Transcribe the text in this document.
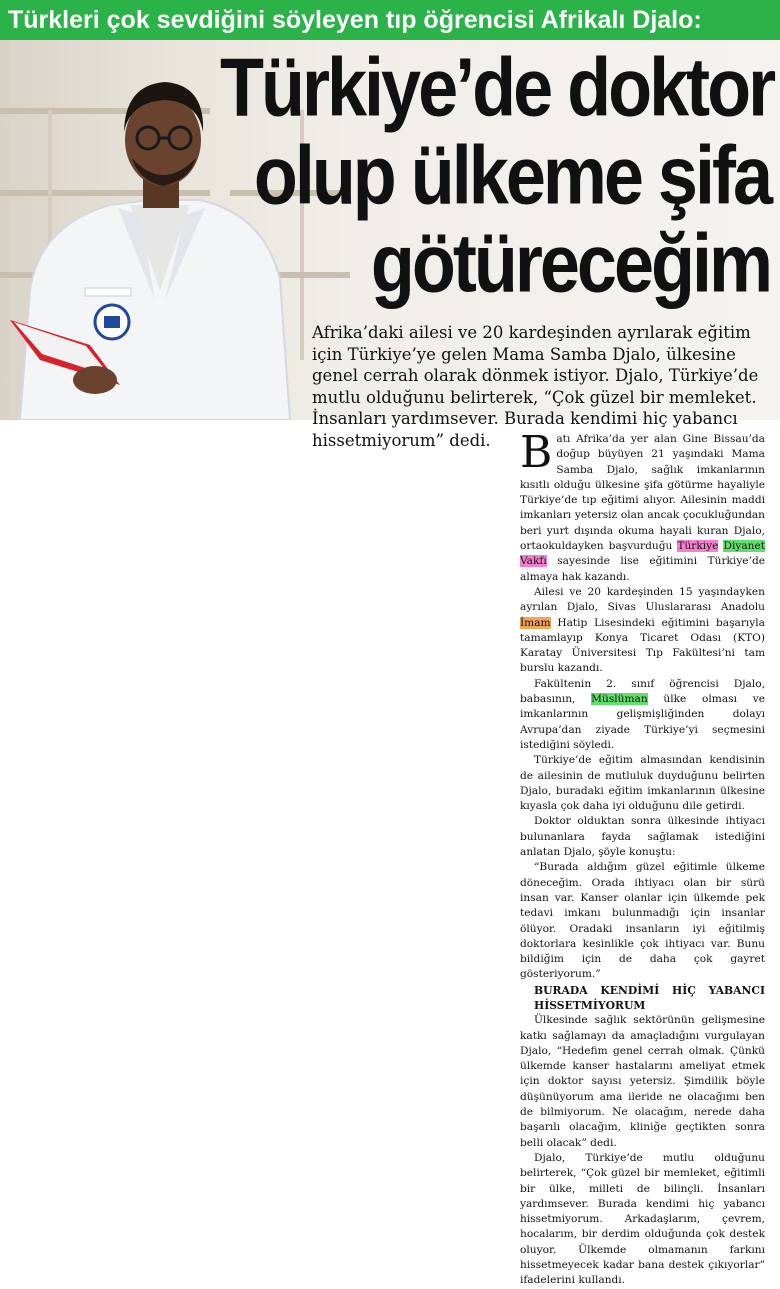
Türkleri çok sevdiğini söyleyen tıp öğrencisi Afrikalı Djalo:
Türkiye’de doktor
olup ülkeme şifa
götüreceğim
Afrika’daki ailesi ve 20 kardeşinden ayrılarak eğitim için Türkiye’ye gelen Mama Samba Djalo, ülkesine genel cerrah olarak dönmek istiyor. Djalo, Türkiye’de mutlu olduğunu belirterek, “Çok güzel bir memleket. İnsanları yardımsever. Burada kendimi hiç yabancı hissetmiyorum” dedi. Batı Afrika’da yer alan Gine Bissau’da doğup büyüyen 21 yaşındaki Mama Samba Djalo, sağlık imkanlarının kısıtlı olduğu ülkesine şifa götürme hayaliyle Türkiye’de tıp eğitimi alıyor. Ailesinin maddi imkanları yetersiz olan ancak çocukluğundan beri yurt dışında okuma hayali kuran Djalo, ortaokuldayken başvurduğu Türkiye Diyanet Vakfı sayesinde lise eğitimini Türkiye’de almaya hak kazandı.

Ailesi ve 20 kardeşinden 15 yaşındayken ayrılan Djalo, Sivas Uluslararası Anadolu İmam Hatip Lisesindeki eğitimini başarıyla tamamlayıp Konya Ticaret Odası (KTO) Karatay Üniversitesi Tıp Fakültesi’ni tam burslu kazandı.

Fakültenin 2. sınıf öğrencisi Djalo, babasının, Müslüman ülke olması ve imkanlarının gelişmişliğinden dolayı Avrupa’dan ziyade Türkiye’yi seçmesini istediğini söyledi.

Türkiye’de eğitim almasından kendisinin de ailesinin de mutluluk duyduğunu belirten Djalo, buradaki eğitim imkanlarının ülkesine kıyasla çok daha iyi olduğunu dile getirdi.

Doktor olduktan sonra ülkesinde ihtiyacı bulunanlara fayda sağlamak istediğini anlatan Djalo, şöyle konuştu:

“Burada aldığım güzel eğitimle ülkeme döneceğim. Orada ihtiyacı olan bir sürü insan var. Kanser olanlar için ülkemde pek tedavi imkanı bulunmadığı için insanlar ölüyor. Oradaki insanların iyi eğitilmiş doktorlara kesinlikle çok ihtiyacı var. Bunu bildiğim için de daha çok gayret gösteriyorum.”

BURADA KENDİMİ HİÇ YABANCI HİSSETMİYORUM

Ülkesinde sağlık sektörünün gelişmesine katkı sağlamayı da amaçladığını vurgulayan Djalo, “Hedefim genel cerrah olmak. Çünkü ülkemde kanser hastalarını ameliyat etmek için doktor sayısı yetersiz. Şimdilik böyle düşünüyorum ama ileride ne olacağımı ben de bilmiyorum. Ne olacağım, nerede daha başarılı olacağım, kliniğe geçtikten sonra belli olacak” dedi.

Djalo, Türkiye’de mutlu olduğunu belirterek, “Çok güzel bir memleket, eğitimli bir ülke, milleti de bilinçli. İnsanları yardımsever. Burada kendimi hiç yabancı hissetmiyorum. Arkadaşlarım, çevrem, hocalarım, bir derdim olduğunda çok destek oluyor. Ülkemde olmamanın farkını hissetmeyecek kadar bana destek çıkıyorlar” ifadelerini kullandı.
